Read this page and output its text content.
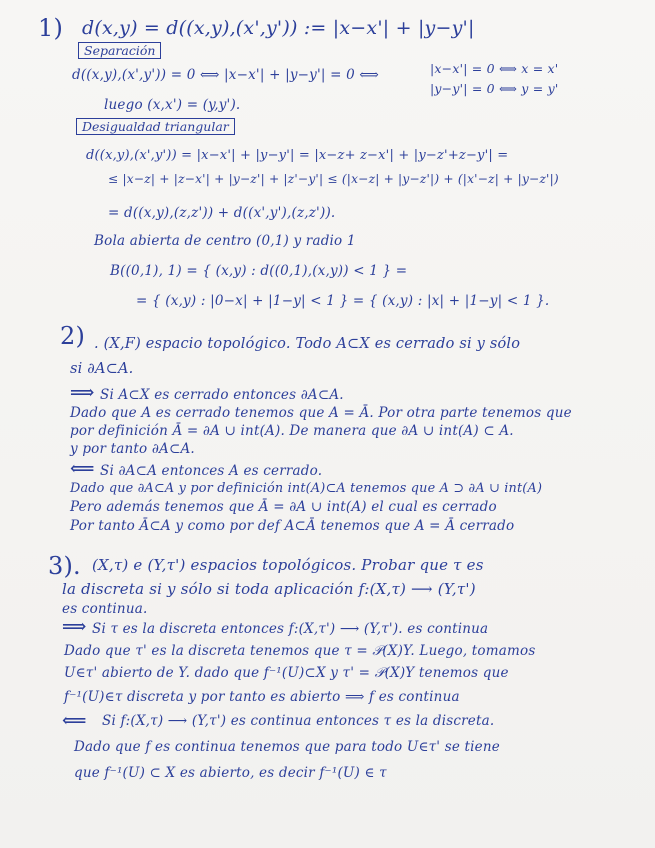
1) d(x,y) = d((x,y),(x',y')) := |x−x'| + |y−y'|
Separación
d((x,y),(x',y')) = 0 ⟺ |x−x'| + |y−y'| = 0 ⟺	|x−x'| = 0 ⟺ x = x'
|y−y'| = 0 ⟺ y = y'
luego (x,x') = (y,y').
Desigualdad triangular
d((x,y),(x',y')) = |x−x'| + |y−y'| = |x−z+ z−x'| + |y−z'+z−y'| =
≤ |x−z| + |z−x'| + |y−z'| + |z'−y'| ≤ (|x−z| + |y−z'|) + (|x'−z| + |y−z'|)
= d((x,y),(z,z')) + d((x',y'),(z,z')).
Bola abierta de centro (0,1) y radio 1
B((0,1), 1) = { (x,y) : d((0,1),(x,y)) < 1 } =
= { (x,y) : |0−x| + |1−y| < 1 } = { (x,y) : |x| + |1−y| < 1 }.
2) . (X,F) espacio topológico. Todo A⊂X es cerrado si y sólo
si ∂A⊂A.
⟹ Si A⊂X es cerrado entonces ∂A⊂A.
Dado que A es cerrado tenemos que A = Ā. Por otra parte tenemos que
por definición Ā = ∂A ∪ int(A). De manera que ∂A ∪ int(A) ⊂ A.
y por tanto ∂A⊂A.
⟸ Si ∂A⊂A entonces A es cerrado.
Dado que ∂A⊂A y por definición int(A)⊂A tenemos que A ⊃ ∂A ∪ int(A)
Pero además tenemos que Ā = ∂A ∪ int(A) el cual es cerrado
Por tanto Ā⊂A y como por def A⊂Ā tenemos que A = Ā cerrado
3). (X,τ) e (Y,τ') espacios topológicos. Probar que τ es
la discreta si y sólo si toda aplicación f:(X,τ) ⟶ (Y,τ')
es continua.
⟹ Si τ es la discreta entonces f:(X,τ') ⟶ (Y,τ'). es continua
Dado que τ' es la discreta tenemos que τ = 𝒫(X)Y. Luego, tomamos
U∈τ' abierto de Y. dado que f⁻¹(U)⊂X y τ' = 𝒫(X)Y tenemos que
f⁻¹(U)∈τ discreta y por tanto es abierto ⟹ f es continua
⟸ Si f:(X,τ) ⟶ (Y,τ') es continua entonces τ es la discreta.
Dado que f es continua tenemos que para todo U∈τ' se tiene
que f⁻¹(U) ⊂ X es abierto, es decir f⁻¹(U) ∈ τ
